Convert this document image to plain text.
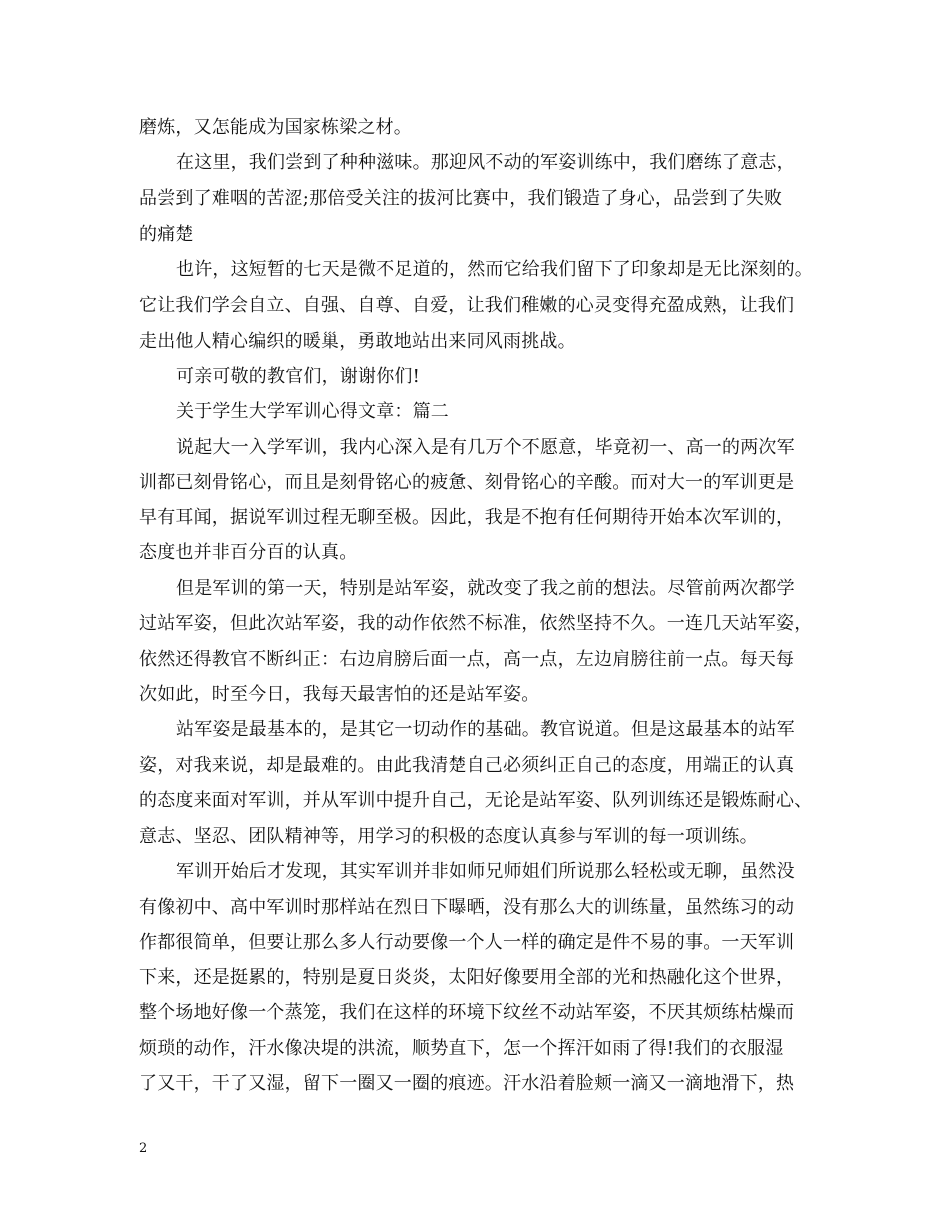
磨炼，又怎能成为国家栋梁之材。
在这里，我们尝到了种种滋味。那迎风不动的军姿训练中，我们磨练了意志，
品尝到了难咽的苦涩;那倍受关注的拔河比赛中，我们锻造了身心，品尝到了失败
的痛楚
也许，这短暂的七天是微不足道的，然而它给我们留下了印象却是无比深刻的。
它让我们学会自立、自强、自尊、自爱，让我们稚嫩的心灵变得充盈成熟，让我们
走出他人精心编织的暖巢，勇敢地站出来同风雨挑战。
可亲可敬的教官们，谢谢你们!
关于学生大学军训心得文章：篇二
说起大一入学军训，我内心深入是有几万个不愿意，毕竟初一、高一的两次军
训都已刻骨铭心，而且是刻骨铭心的疲惫、刻骨铭心的辛酸。而对大一的军训更是
早有耳闻，据说军训过程无聊至极。因此，我是不抱有任何期待开始本次军训的，
态度也并非百分百的认真。
但是军训的第一天，特别是站军姿，就改变了我之前的想法。尽管前两次都学
过站军姿，但此次站军姿，我的动作依然不标准，依然坚持不久。一连几天站军姿，
依然还得教官不断纠正：右边肩膀后面一点，高一点，左边肩膀往前一点。每天每
次如此，时至今日，我每天最害怕的还是站军姿。
站军姿是最基本的，是其它一切动作的基础。教官说道。但是这最基本的站军
姿，对我来说，却是最难的。由此我清楚自己必须纠正自己的态度，用端正的认真
的态度来面对军训，并从军训中提升自己，无论是站军姿、队列训练还是锻炼耐心、
意志、坚忍、团队精神等，用学习的积极的态度认真参与军训的每一项训练。
军训开始后才发现，其实军训并非如师兄师姐们所说那么轻松或无聊，虽然没
有像初中、高中军训时那样站在烈日下曝晒，没有那么大的训练量，虽然练习的动
作都很简单，但要让那么多人行动要像一个人一样的确定是件不易的事。一天军训
下来，还是挺累的，特别是夏日炎炎，太阳好像要用全部的光和热融化这个世界，
整个场地好像一个蒸笼，我们在这样的环境下纹丝不动站军姿，不厌其烦练枯燥而
烦琐的动作，汗水像决堤的洪流，顺势直下，怎一个挥汗如雨了得!我们的衣服湿
了又干，干了又湿，留下一圈又一圈的痕迹。汗水沿着脸颊一滴又一滴地滑下，热
2
